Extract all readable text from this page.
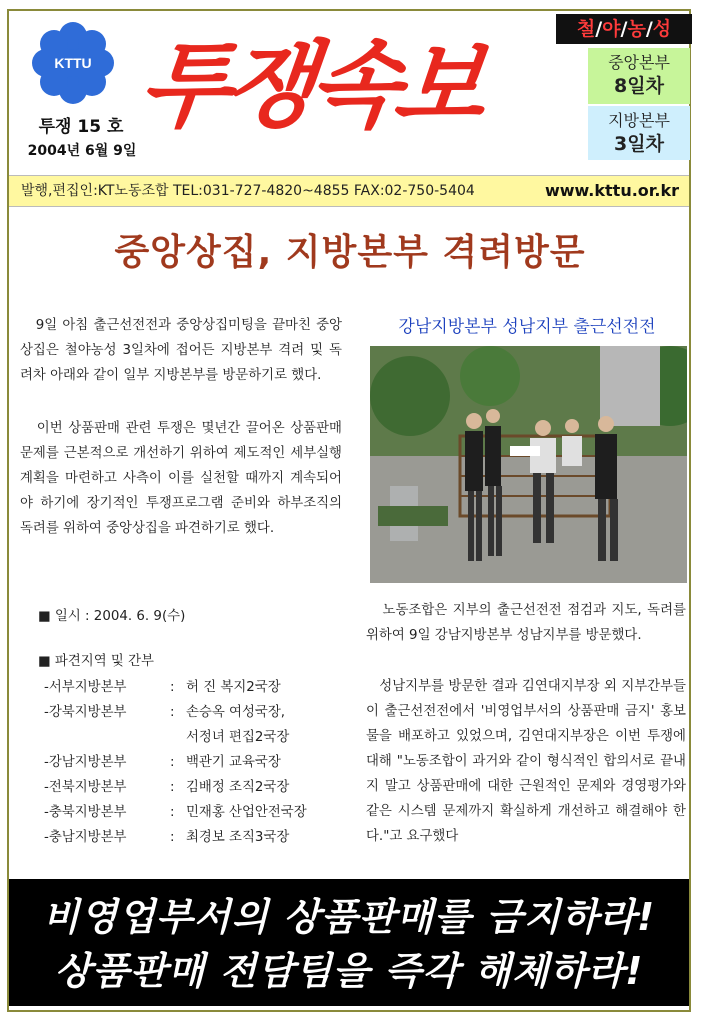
KTTU
투쟁 15 호
2004년 6월 9일
투쟁속보
철/야/농/성
중앙본부
8일차
지방본부
3일차
발행,편집인:KT노동조합 TEL:031-727-4820~4855 FAX:02-750-5404	www.kttu.or.kr
중앙상집, 지방본부 격려방문
9일 아침 출근선전전과 중앙상집미팅을 끝마친 중앙상집은 철야농성 3일차에 접어든 지방본부 격려 및 독려차 아래와 같이 일부 지방본부를 방문하기로 했다.
이번 상품판매 관련 투쟁은 몇년간 끌어온 상품판매 문제를 근본적으로 개선하기 위하여 제도적인 세부실행계획을 마련하고 사측이 이를 실천할 때까지 계속되어야 하기에 장기적인 투쟁프로그램 준비와 하부조직의 독려를 위하여 중앙상집을 파견하기로 했다.
■ 일시 : 2004. 6. 9(수)
■ 파견지역 및 간부
-서부지방본부	: 허 진 복지2국장
-강북지방본부	: 손승옥 여성국장,
서정녀 편집2국장
-강남지방본부	: 백관기 교육국장
-전북지방본부	: 김배정 조직2국장
-충북지방본부	: 민재홍 산업안전국장
-충남지방본부	: 최경보 조직3국장
강남지방본부 성남지부 출근선전전
노동조합은 지부의 출근선전전 점검과 지도, 독려를 위하여 9일 강남지방본부 성남지부를 방문했다.
성남지부를 방문한 결과 김연대지부장 외 지부간부들이 출근선전전에서 '비영업부서의 상품판매 금지' 홍보물을 배포하고 있었으며, 김연대지부장은 이번 투쟁에 대해 "노동조합이 과거와 같이 형식적인 합의서로 끝내지 말고 상품판매에 대한 근원적인 문제와 경영평가와 같은 시스템 문제까지 확실하게 개선하고 해결해야 한다."고 요구했다
비영업부서의 상품판매를 금지하라!
상품판매 전담팀을 즉각 해체하라!
